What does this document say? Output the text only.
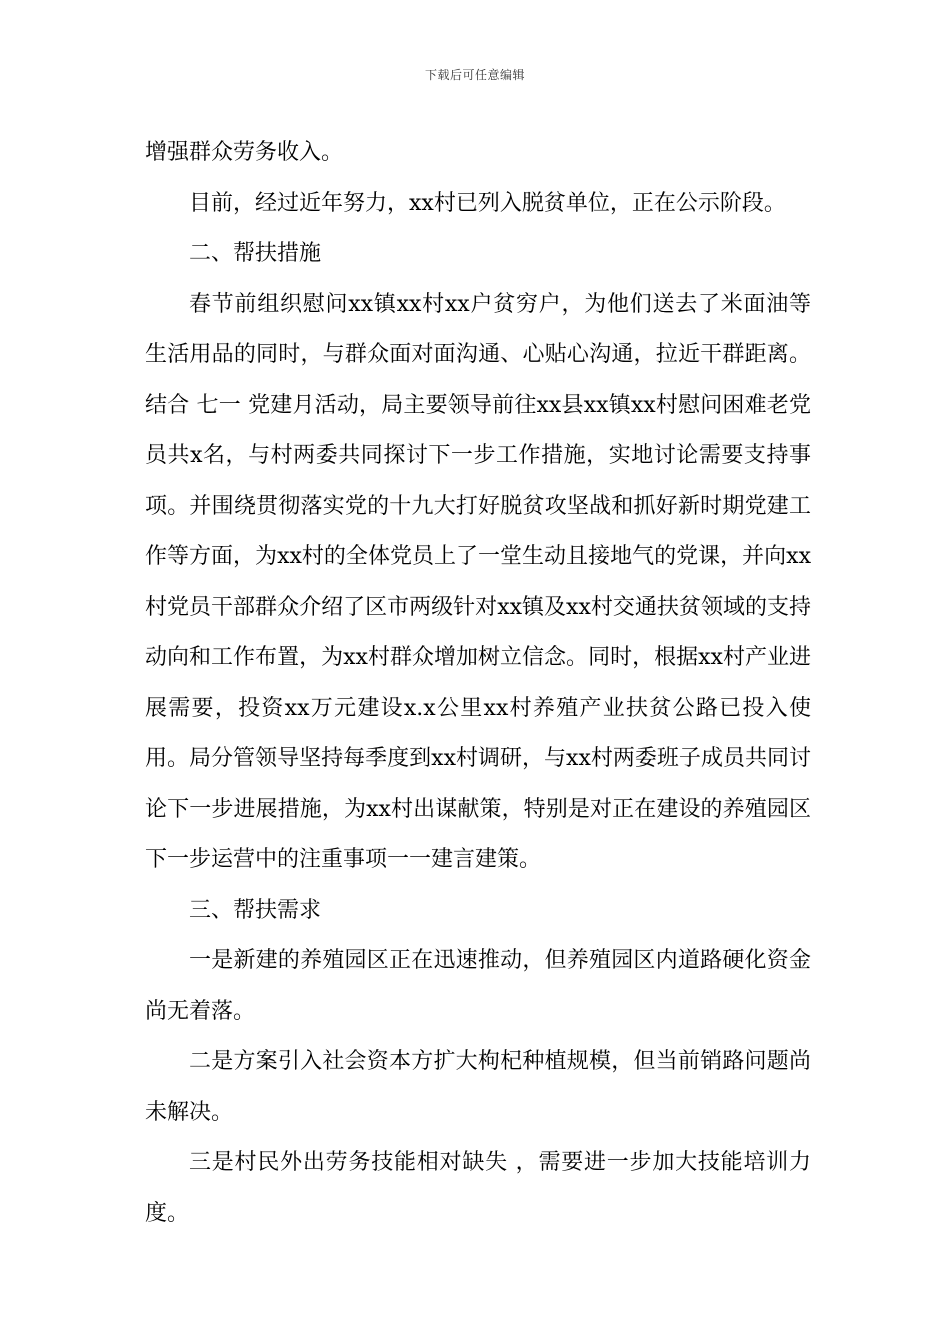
下载后可任意编辑

增强群众劳务收入。

目前，经过近年努力，xx村已列入脱贫单位，正在公示阶段。

二、帮扶措施

春节前组织慰问xx镇xx村xx户贫穷户，为他们送去了米面油等生活用品的同时，与群众面对面沟通、心贴心沟通，拉近干群距离。结合 七一 党建月活动，局主要领导前往xx县xx镇xx村慰问困难老党员共x名，与村两委共同探讨下一步工作措施，实地讨论需要支持事项。并围绕贯彻落实党的十九大打好脱贫攻坚战和抓好新时期党建工作等方面，为xx村的全体党员上了一堂生动且接地气的党课，并向xx村党员干部群众介绍了区市两级针对xx镇及xx村交通扶贫领域的支持动向和工作布置，为xx村群众增加树立信念。同时，根据xx村产业进展需要，投资xx万元建设x.x公里xx村养殖产业扶贫公路已投入使用。局分管领导坚持每季度到xx村调研，与xx村两委班子成员共同讨论下一步进展措施，为xx村出谋献策，特别是对正在建设的养殖园区下一步运营中的注重事项一一建言建策。

三、帮扶需求

一是新建的养殖园区正在迅速推动，但养殖园区内道路硬化资金尚无着落。

二是方案引入社会资本方扩大枸杞种植规模，但当前销路问题尚未解决。

三是村民外出劳务技能相对缺失 ，需要进一步加大技能培训力度。
